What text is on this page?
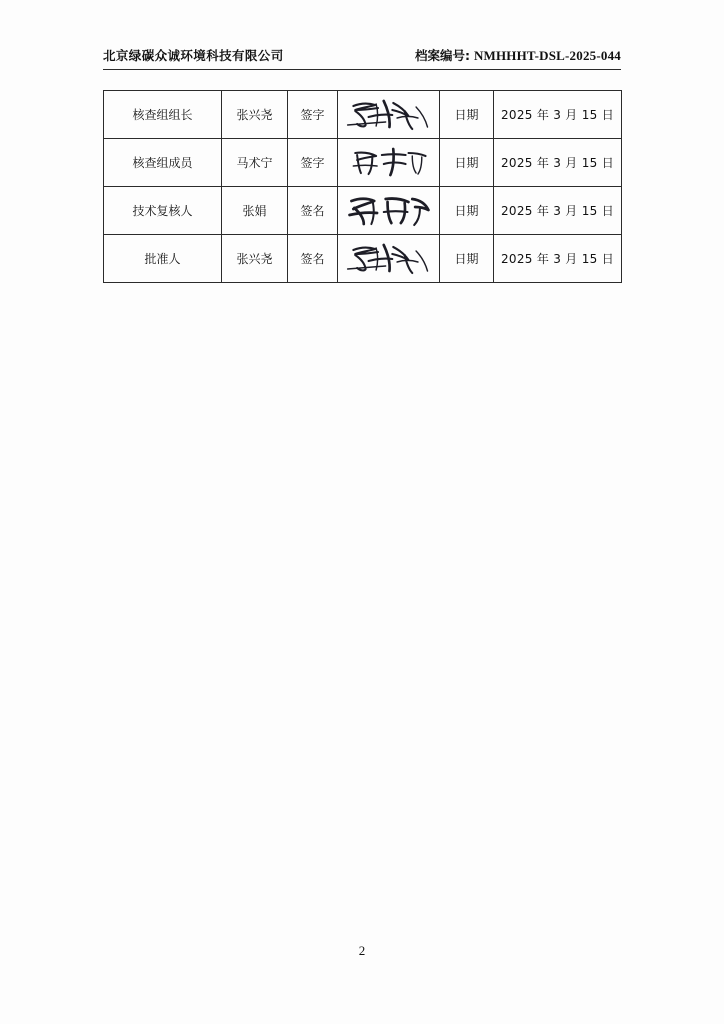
北京绿碳众诚环境科技有限公司	档案编号: NMHHHT-DSL-2025-044
核查组组长	张兴尧	签字		日期	2025 年 3 月 15 日
核查组成员	马术宁	签字		日期	2025 年 3 月 15 日
技术复核人	张娟	签名		日期	2025 年 3 月 15 日
批准人	张兴尧	签名		日期	2025 年 3 月 15 日
2
